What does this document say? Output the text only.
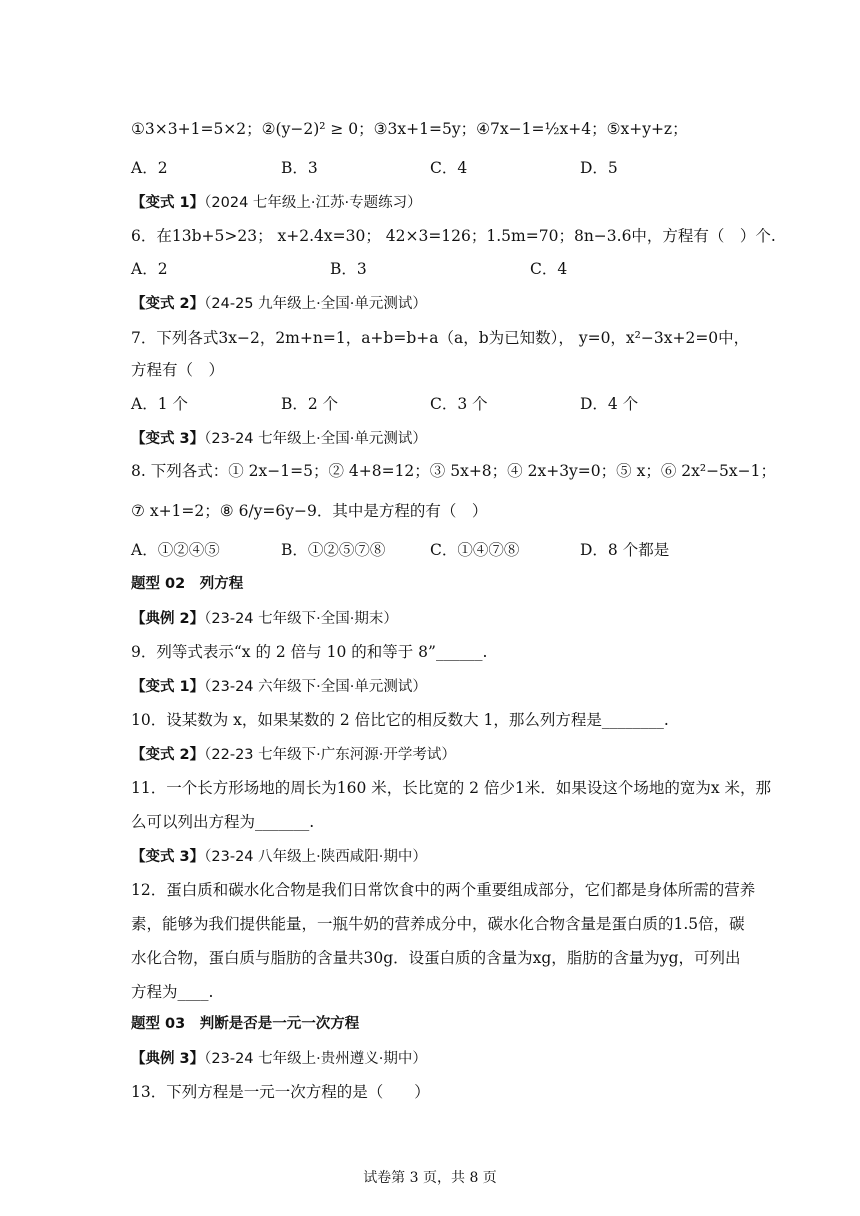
①3×3+1=5×2；②(y−2)² ≥ 0；③3x+1=5y；④7x−1=½x+4；⑤x+y+z；
A．2	B．3	C．4	D．5
【变式 1】（2024 七年级上·江苏·专题练习）
6．在13b+5>23； x+2.4x=30； 42×3=126；1.5m=70；8n−3.6中，方程有（　）个.
A．2	B．3	C．4
【变式 2】（24-25 九年级上·全国·单元测试）
7．下列各式3x−2，2m+n=1，a+b=b+a（a，b为已知数）， y=0，x²−3x+2=0中，
方程有（　）
A．1 个	B．2 个	C．3 个	D．4 个
【变式 3】（23-24 七年级上·全国·单元测试）
8. 下列各式：① 2x−1=5；② 4+8=12；③ 5x+8；④ 2x+3y=0；⑤ x；⑥ 2x²−5x−1；
⑦ x+1=2；⑧ 6/y=6y−9．其中是方程的有（　）
A．①②④⑤	B．①②⑤⑦⑧	C．①④⑦⑧	D．8 个都是
题型 02　列方程
【典例 2】（23-24 七年级下·全国·期末）
9．列等式表示“x 的 2 倍与 10 的和等于 8”______.
【变式 1】（23-24 六年级下·全国·单元测试）
10．设某数为 x，如果某数的 2 倍比它的相反数大 1，那么列方程是________.
【变式 2】（22-23 七年级下·广东河源·开学考试）
11．一个长方形场地的周长为160 米，长比宽的 2 倍少1米．如果设这个场地的宽为x 米，那
么可以列出方程为_______.
【变式 3】（23-24 八年级上·陕西咸阳·期中）
12．蛋白质和碳水化合物是我们日常饮食中的两个重要组成部分，它们都是身体所需的营养
素，能够为我们提供能量，一瓶牛奶的营养成分中，碳水化合物含量是蛋白质的1.5倍，碳
水化合物，蛋白质与脂肪的含量共30g．设蛋白质的含量为xg，脂肪的含量为yg，可列出
方程为____.
题型 03　判断是否是一元一次方程
【典例 3】（23-24 七年级上·贵州遵义·期中）
13．下列方程是一元一次方程的是（　　）
试卷第 3 页，共 8 页
